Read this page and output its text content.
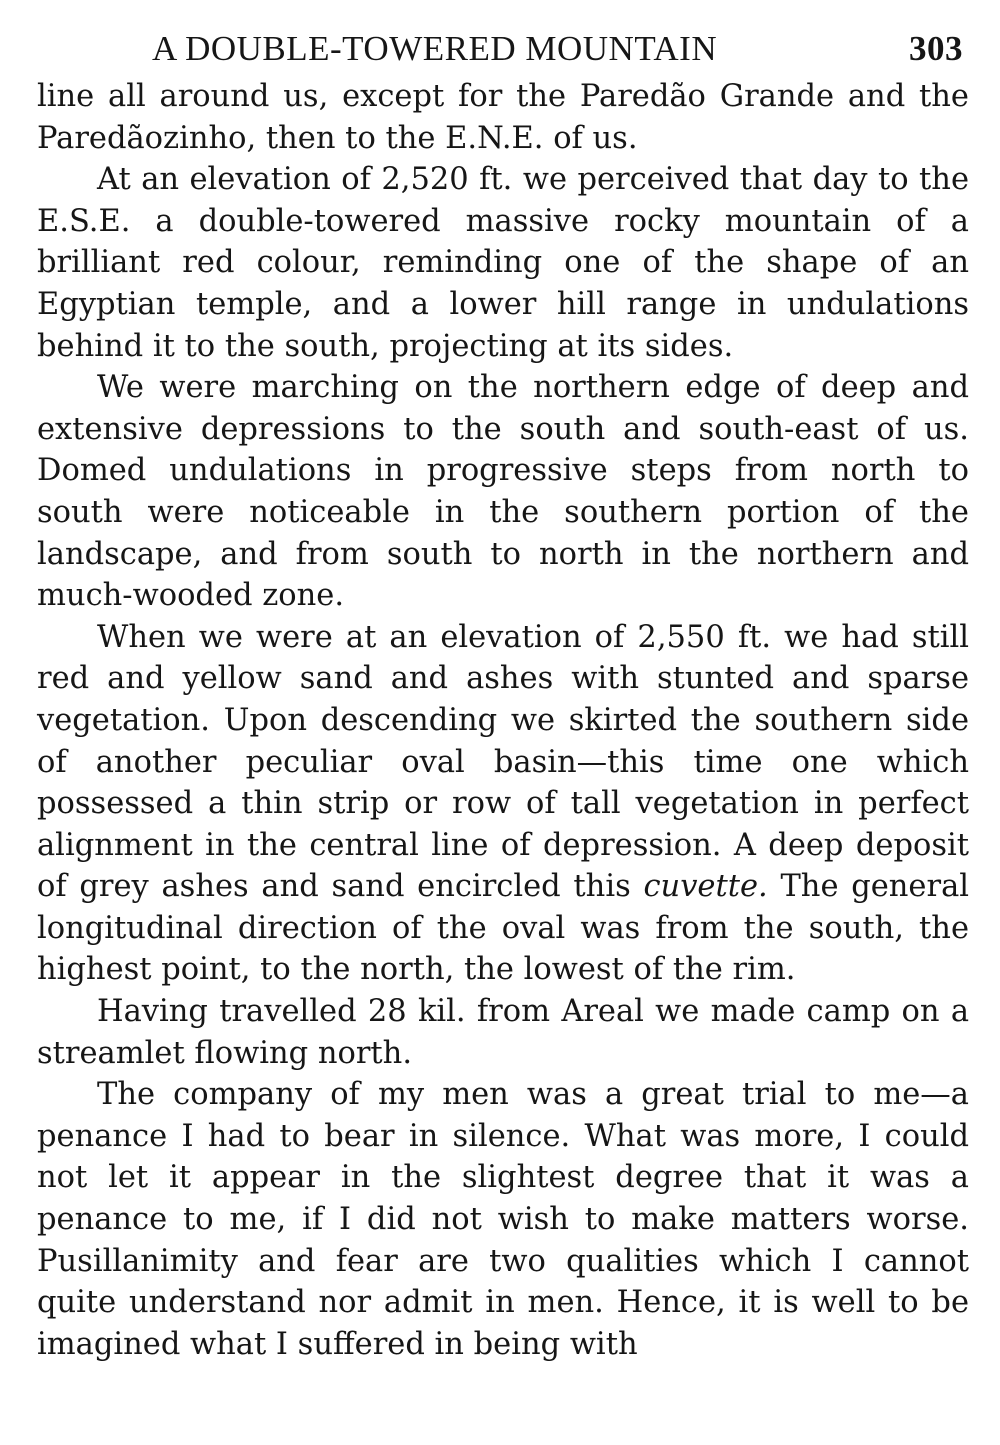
A DOUBLE-TOWERED MOUNTAIN	303

line all around us, except for the Paredão Grande and the Paredãozinho, then to the E.N.E. of us.

At an elevation of 2,520 ft. we perceived that day to the E.S.E. a double-towered massive rocky mountain of a brilliant red colour, reminding one of the shape of an Egyptian temple, and a lower hill range in undulations behind it to the south, projecting at its sides.

We were marching on the northern edge of deep and extensive depressions to the south and south-east of us. Domed undulations in progressive steps from north to south were noticeable in the southern portion of the landscape, and from south to north in the northern and much-wooded zone.

When we were at an elevation of 2,550 ft. we had still red and yellow sand and ashes with stunted and sparse vegetation. Upon descending we skirted the southern side of another peculiar oval basin—this time one which possessed a thin strip or row of tall vegetation in perfect alignment in the central line of depression. A deep deposit of grey ashes and sand encircled this cuvette. The general longitudinal direction of the oval was from the south, the highest point, to the north, the lowest of the rim.

Having travelled 28 kil. from Areal we made camp on a streamlet flowing north.

The company of my men was a great trial to me—a penance I had to bear in silence. What was more, I could not let it appear in the slightest degree that it was a penance to me, if I did not wish to make matters worse. Pusillanimity and fear are two qualities which I cannot quite understand nor admit in men. Hence, it is well to be imagined what I suffered in being with
